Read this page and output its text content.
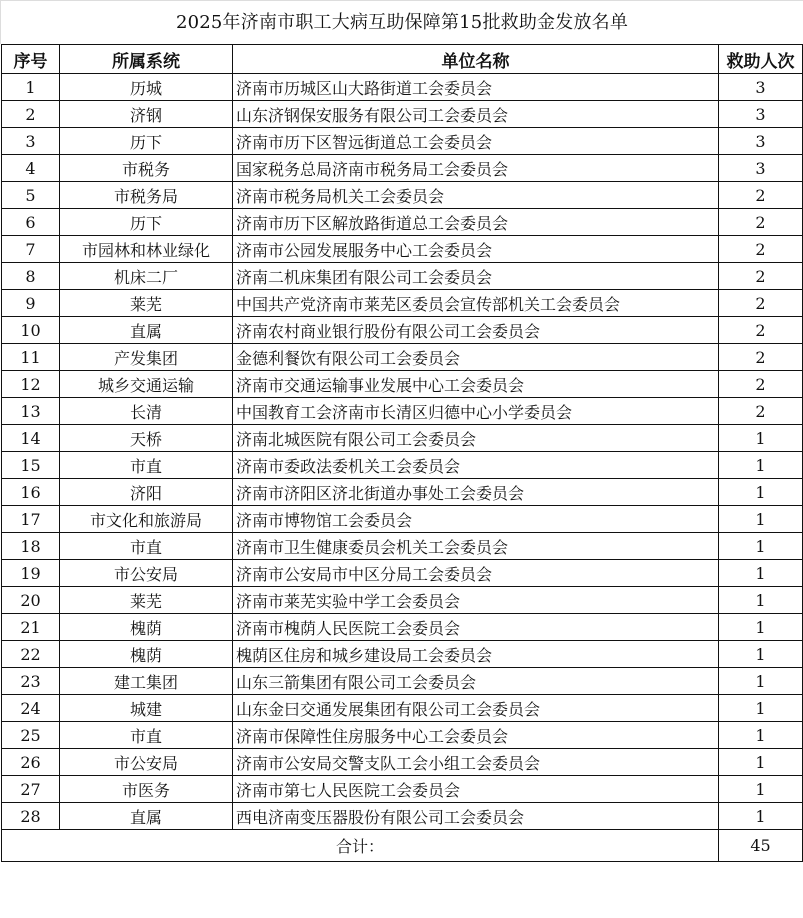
2025年济南市职工大病互助保障第15批救助金发放名单
序号	所属系统	单位名称	救助人次
1	历城	济南市历城区山大路街道工会委员会	3
2	济钢	山东济钢保安服务有限公司工会委员会	3
3	历下	济南市历下区智远街道总工会委员会	3
4	市税务	国家税务总局济南市税务局工会委员会	3
5	市税务局	济南市税务局机关工会委员会	2
6	历下	济南市历下区解放路街道总工会委员会	2
7	市园林和林业绿化	济南市公园发展服务中心工会委员会	2
8	机床二厂	济南二机床集团有限公司工会委员会	2
9	莱芜	中国共产党济南市莱芜区委员会宣传部机关工会委员会	2
10	直属	济南农村商业银行股份有限公司工会委员会	2
11	产发集团	金德利餐饮有限公司工会委员会	2
12	城乡交通运输	济南市交通运输事业发展中心工会委员会	2
13	长清	中国教育工会济南市长清区归德中心小学委员会	2
14	天桥	济南北城医院有限公司工会委员会	1
15	市直	济南市委政法委机关工会委员会	1
16	济阳	济南市济阳区济北街道办事处工会委员会	1
17	市文化和旅游局	济南市博物馆工会委员会	1
18	市直	济南市卫生健康委员会机关工会委员会	1
19	市公安局	济南市公安局市中区分局工会委员会	1
20	莱芜	济南市莱芜实验中学工会委员会	1
21	槐荫	济南市槐荫人民医院工会委员会	1
22	槐荫	槐荫区住房和城乡建设局工会委员会	1
23	建工集团	山东三箭集团有限公司工会委员会	1
24	城建	山东金曰交通发展集团有限公司工会委员会	1
25	市直	济南市保障性住房服务中心工会委员会	1
26	市公安局	济南市公安局交警支队工会小组工会委员会	1
27	市医务	济南市第七人民医院工会委员会	1
28	直属	西电济南变压器股份有限公司工会委员会	1
合计：			45
